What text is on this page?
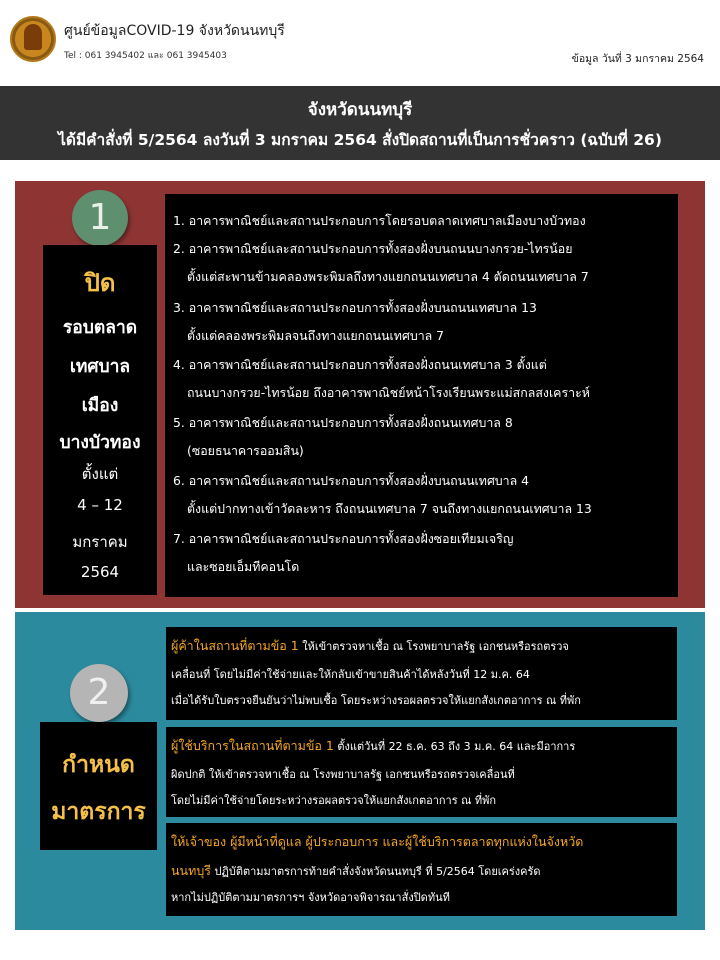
ศูนย์ข้อมูลCOVID-19 จังหวัดนนทบุรี
Tel : 061 3945402 และ 061 3945403	ข้อมูล วันที่ 3 มกราคม 2564
จังหวัดนนทบุรี
ได้มีคำสั่งที่ 5/2564 ลงวันที่ 3 มกราคม 2564 สั่งปิดสถานที่เป็นการชั่วคราว (ฉบับที่ 26)
1
ปิด
รอบตลาด
เทศบาล
เมือง
บางบัวทอง
ตั้งแต่
4 – 12
มกราคม
2564
1. อาคารพาณิชย์และสถานประกอบการโดยรอบตลาดเทศบาลเมืองบางบัวทอง
2. อาคารพาณิชย์และสถานประกอบการทั้งสองฝั่งบนถนนบางกรวย-ไทรน้อย
ตั้งแต่สะพานข้ามคลองพระพิมลถึงทางแยกถนนเทศบาล 4 ตัดถนนเทศบาล 7
3. อาคารพาณิชย์และสถานประกอบการทั้งสองฝั่งบนถนนเทศบาล 13
ตั้งแต่คลองพระพิมลจนถึงทางแยกถนนเทศบาล 7
4. อาคารพาณิชย์และสถานประกอบการทั้งสองฝั่งถนนเทศบาล 3 ตั้งแต่
ถนนบางกรวย-ไทรน้อย ถึงอาคารพาณิชย์หน้าโรงเรียนพระแม่สกลสงเคราะห์
5. อาคารพาณิชย์และสถานประกอบการทั้งสองฝั่งถนนเทศบาล 8
(ซอยธนาคารออมสิน)
6. อาคารพาณิชย์และสถานประกอบการทั้งสองฝั่งบนถนนเทศบาล 4
ตั้งแต่ปากทางเข้าวัดละหาร ถึงถนนเทศบาล 7 จนถึงทางแยกถนนเทศบาล 13
7. อาคารพาณิชย์และสถานประกอบการทั้งสองฝั่งซอยเทียมเจริญ
และซอยเอ็มทีคอนโด
2
กำหนด
มาตรการ
ผู้ค้าในสถานที่ตามข้อ 1 ให้เข้าตรวจหาเชื้อ ณ โรงพยาบาลรัฐ เอกชนหรือรถตรวจ
เคลื่อนที่ โดยไม่มีค่าใช้จ่ายและให้กลับเข้าขายสินค้าได้หลังวันที่ 12 ม.ค. 64
เมื่อได้รับใบตรวจยืนยันว่าไม่พบเชื้อ โดยระหว่างรอผลตรวจให้แยกสังเกตอาการ ณ ที่พัก
ผู้ใช้บริการในสถานที่ตามข้อ 1 ตั้งแต่วันที่ 22 ธ.ค. 63 ถึง 3 ม.ค. 64 และมีอาการ
ผิดปกติ ให้เข้าตรวจหาเชื้อ ณ โรงพยาบาลรัฐ เอกชนหรือรถตรวจเคลื่อนที่
โดยไม่มีค่าใช้จ่ายโดยระหว่างรอผลตรวจให้แยกสังเกตอาการ ณ ที่พัก
ให้เจ้าของ ผู้มีหน้าที่ดูแล ผู้ประกอบการ และผู้ใช้บริการตลาดทุกแห่งในจังหวัด
นนทบุรี ปฏิบัติตามมาตรการท้ายคำสั่งจังหวัดนนทบุรี ที่ 5/2564 โดยเคร่งครัด
หากไม่ปฏิบัติตามมาตรการฯ จังหวัดอาจพิจารณาสั่งปิดทันที
